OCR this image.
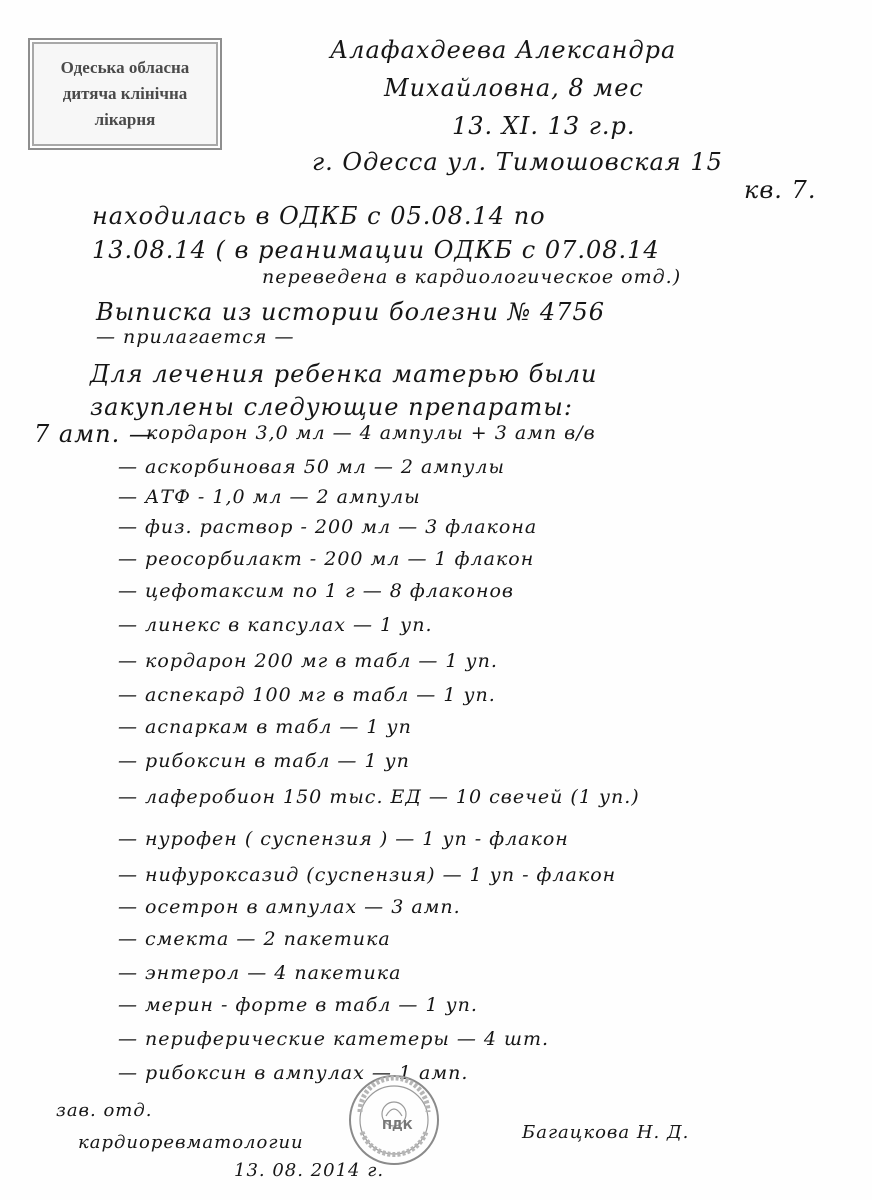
Одеська обласна
дитяча клінічна
лікарня
Алафахдеева Александра
Михайловна, 8 мес
13. XI. 13 г.р.
г. Одесса ул. Тимошовская 15
кв. 7.
находилась в ОДКБ с 05.08.14 по
13.08.14 ( в реанимации ОДКБ с 07.08.14
переведена в кардиологическое отд.)
Выписка из истории болезни № 4756
— прилагается —
Для лечения ребенка матерью были
закуплены следующие препараты:
7 амп. —
кордарон 3,0 мл — 4 ампулы + 3 амп в/в
— аскорбиновая 50 мл — 2 ампулы
— АТФ - 1,0 мл — 2 ампулы
— физ. раствор - 200 мл — 3 флакона
— реосорбилакт - 200 мл — 1 флакон
— цефотаксим по 1 г — 8 флаконов
— линекс в капсулах — 1 уп.
— кордарон 200 мг в табл — 1 уп.
— аспекард 100 мг в табл — 1 уп.
— аспаркам в табл — 1 уп
— рибоксин в табл — 1 уп
— лаферобион 150 тыс. ЕД — 10 свечей (1 уп.)
— нурофен ( суспензия ) — 1 уп - флакон
— нифуроксазид (суспензия) — 1 уп - флакон
— осетрон в ампулах — 3 амп.
— смекта — 2 пакетика
— энтерол — 4 пакетика
— мерин - форте в табл — 1 уп.
— периферические катетеры — 4 шт.
— рибоксин в ампулах — 1 амп.
ПДК
зав. отд.
кардиоревматологии
13. 08. 2014 г.
Багацкова Н. Д.
